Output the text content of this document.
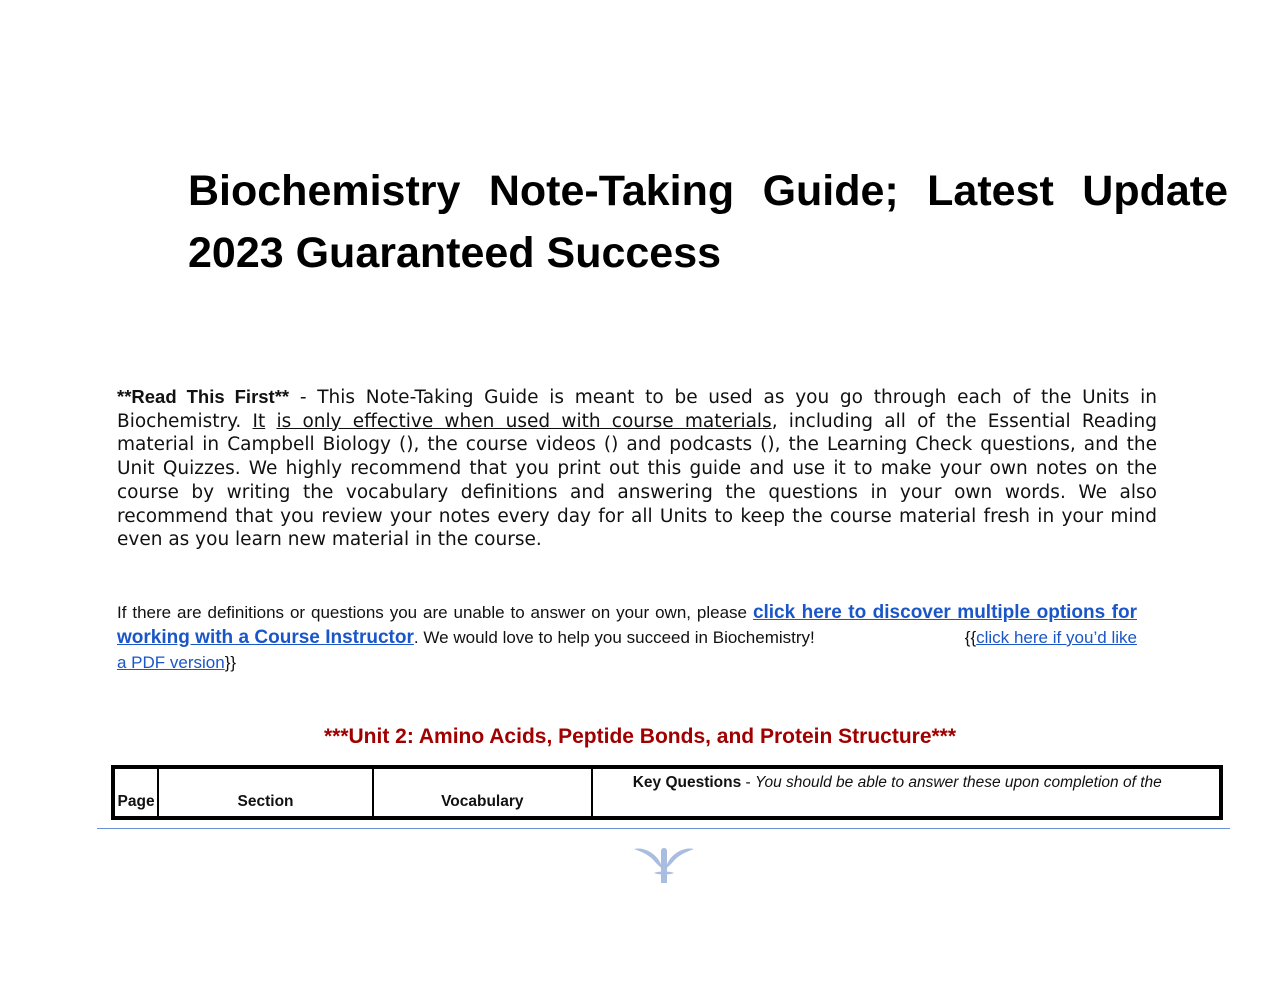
Biochemistry Note-Taking Guide; Latest Update 2023 Guaranteed Success

**Read This First** - This Note-Taking Guide is meant to be used as you go through each of the Units in Biochemistry. It is only effective when used with course materials, including all of the Essential Reading material in Campbell Biology (), the course videos () and podcasts (), the Learning Check questions, and the Unit Quizzes. We highly recommend that you print out this guide and use it to make your own notes on the course by writing the vocabulary definitions and answering the questions in your own words. We also recommend that you review your notes every day for all Units to keep the course material fresh in your mind even as you learn new material in the course.

If there are definitions or questions you are unable to answer on your own, please click here to discover multiple options for working with a Course Instructor. We would love to help you succeed in Biochemistry!	{{click here if you’d like a PDF version}}

***Unit 2: Amino Acids, Peptide Bonds, and Protein Structure***
Page	Section	Vocabulary	Key Questions - You should be able to answer these upon completion of the
